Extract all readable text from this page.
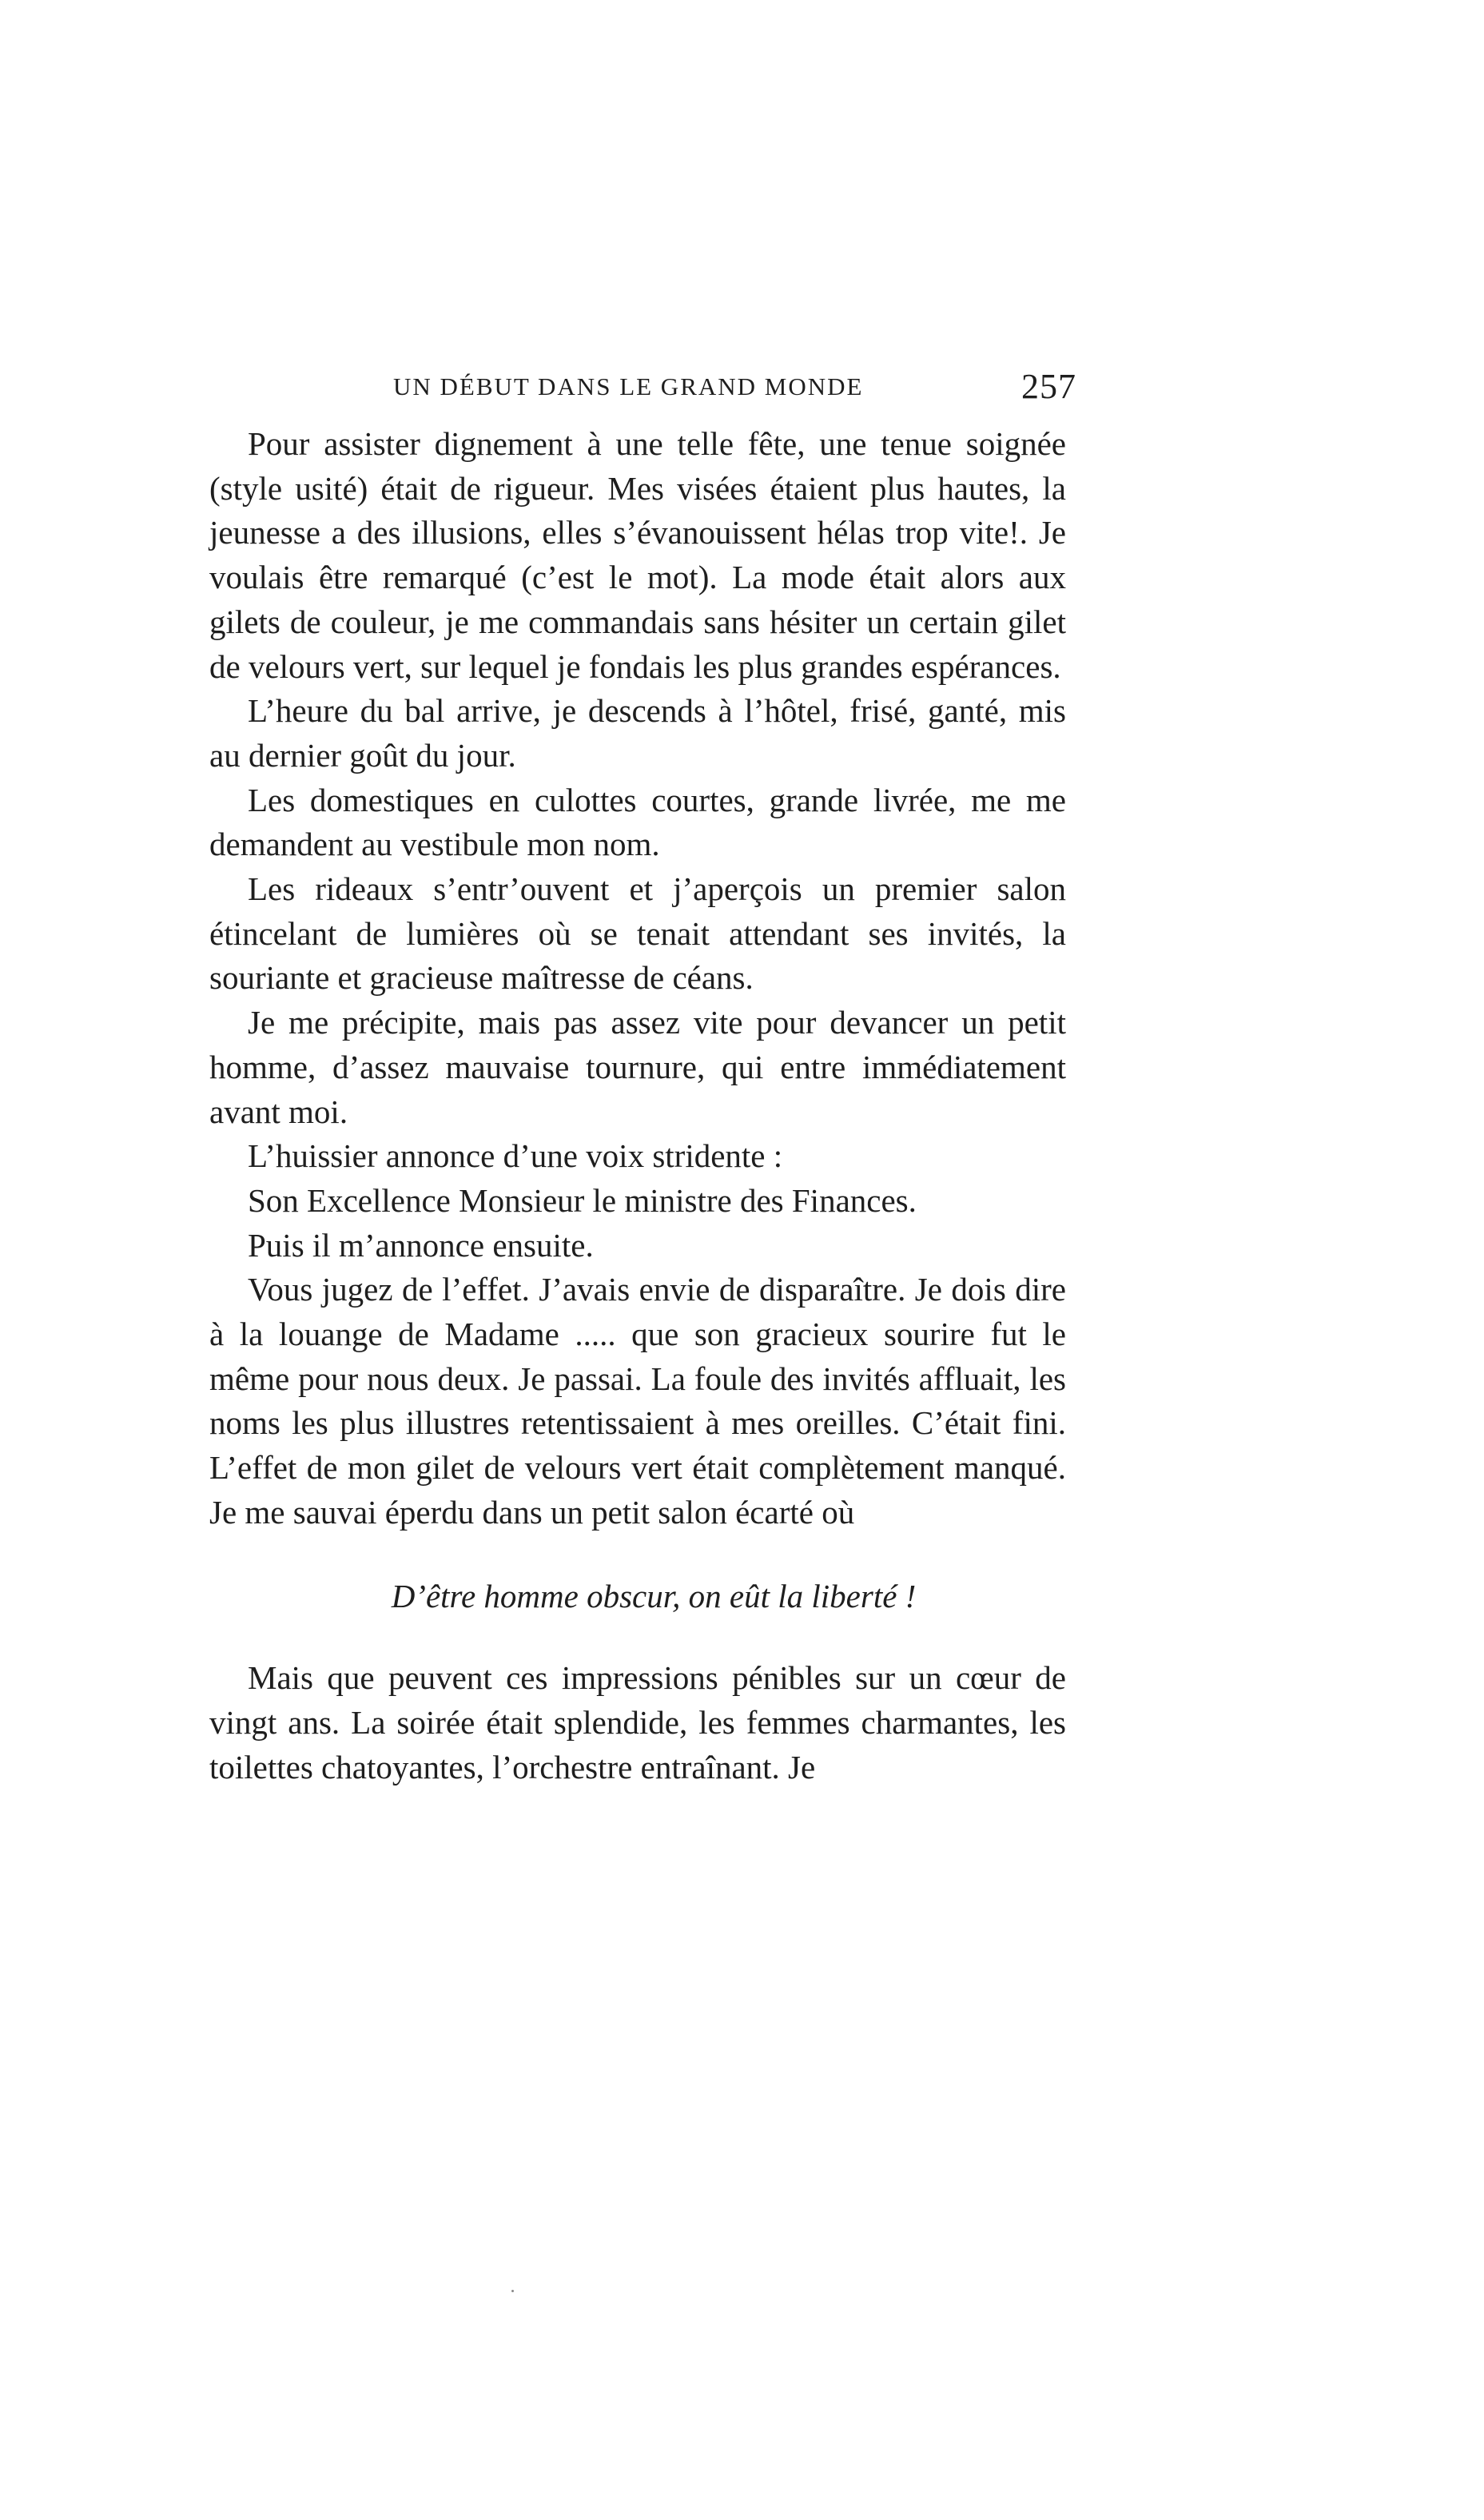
UN DÉBUT DANS LE GRAND MONDE	257

Pour assister dignement à une telle fête, une tenue soignée (style usité) était de rigueur. Mes visées étaient plus hautes, la jeunesse a des illusions, elles s’évanouissent hélas trop vite!. Je voulais être remarqué (c’est le mot). La mode était alors aux gilets de couleur, je me commandais sans hésiter un certain gilet de velours vert, sur lequel je fondais les plus grandes espérances.

L’heure du bal arrive, je descends à l’hôtel, frisé, ganté, mis au dernier goût du jour.

Les domestiques en culottes courtes, grande livrée, me me demandent au vestibule mon nom.

Les rideaux s’entr’ouvent et j’aperçois un premier salon étincelant de lumières où se tenait attendant ses invités, la souriante et gracieuse maîtresse de céans.

Je me précipite, mais pas assez vite pour devancer un petit homme, d’assez mauvaise tournure, qui entre immédiatement avant moi.

L’huissier annonce d’une voix stridente :

Son Excellence Monsieur le ministre des Finances.

Puis il m’annonce ensuite.

Vous jugez de l’effet. J’avais envie de disparaître. Je dois dire à la louange de Madame ..... que son gracieux sourire fut le même pour nous deux. Je passai. La foule des invités affluait, les noms les plus illustres retentissaient à mes oreilles. C’était fini. L’effet de mon gilet de velours vert était complètement manqué. Je me sauvai éperdu dans un petit salon écarté où

D’être homme obscur, on eût la liberté !

Mais que peuvent ces impressions pénibles sur un cœur de vingt ans. La soirée était splendide, les femmes charmantes, les toilettes chatoyantes, l’orchestre entraînant. Je
